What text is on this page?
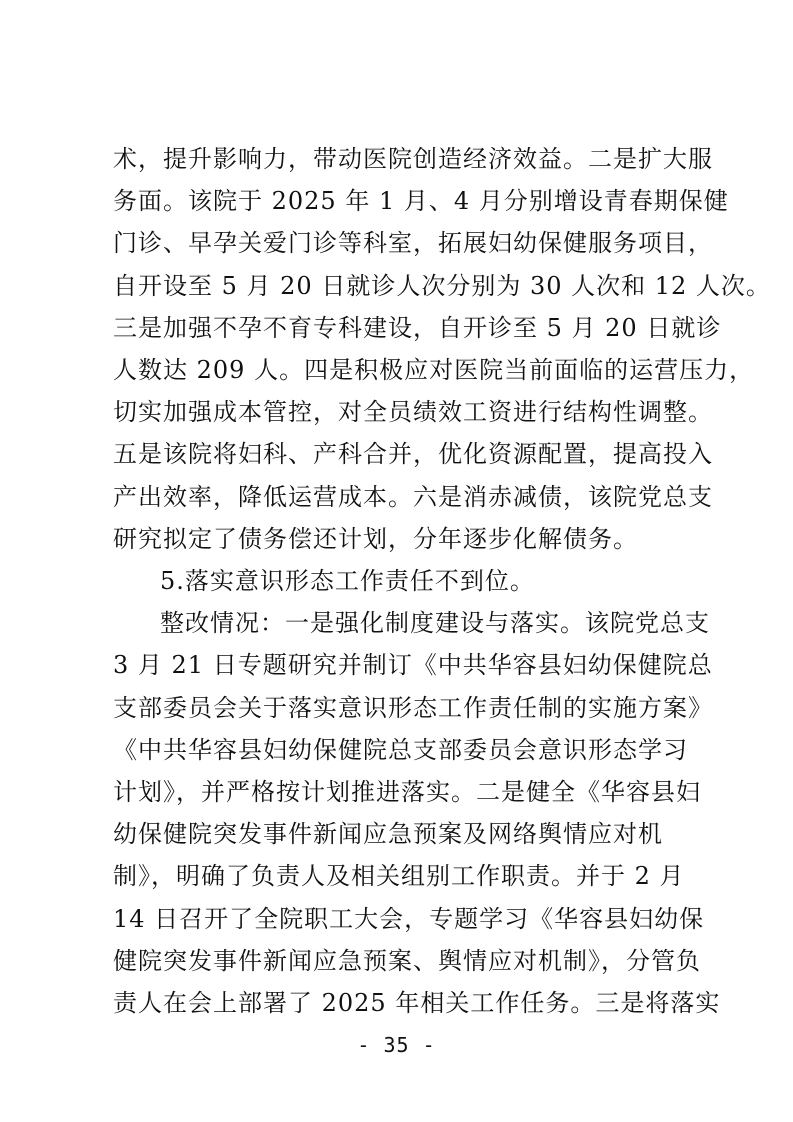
术，提升影响力，带动医院创造经济效益。二是扩大服
务面。该院于 2025 年 1 月、4 月分别增设青春期保健
门诊、早孕关爱门诊等科室，拓展妇幼保健服务项目，
自开设至 5 月 20 日就诊人次分别为 30 人次和 12 人次。
三是加强不孕不育专科建设，自开诊至 5 月 20 日就诊
人数达 209 人。四是积极应对医院当前面临的运营压力，
切实加强成本管控，对全员绩效工资进行结构性调整。
五是该院将妇科、产科合并，优化资源配置，提高投入
产出效率，降低运营成本。六是消赤减债，该院党总支
研究拟定了债务偿还计划，分年逐步化解债务。
5.落实意识形态工作责任不到位。
整改情况：一是强化制度建设与落实。该院党总支
3 月 21 日专题研究并制订《中共华容县妇幼保健院总
支部委员会关于落实意识形态工作责任制的实施方案》
《中共华容县妇幼保健院总支部委员会意识形态学习
计划》，并严格按计划推进落实。二是健全《华容县妇
幼保健院突发事件新闻应急预案及网络舆情应对机
制》，明确了负责人及相关组别工作职责。并于 2 月
14 日召开了全院职工大会，专题学习《华容县妇幼保
健院突发事件新闻应急预案、舆情应对机制》，分管负
责人在会上部署了 2025 年相关工作任务。三是将落实
- 35 -
